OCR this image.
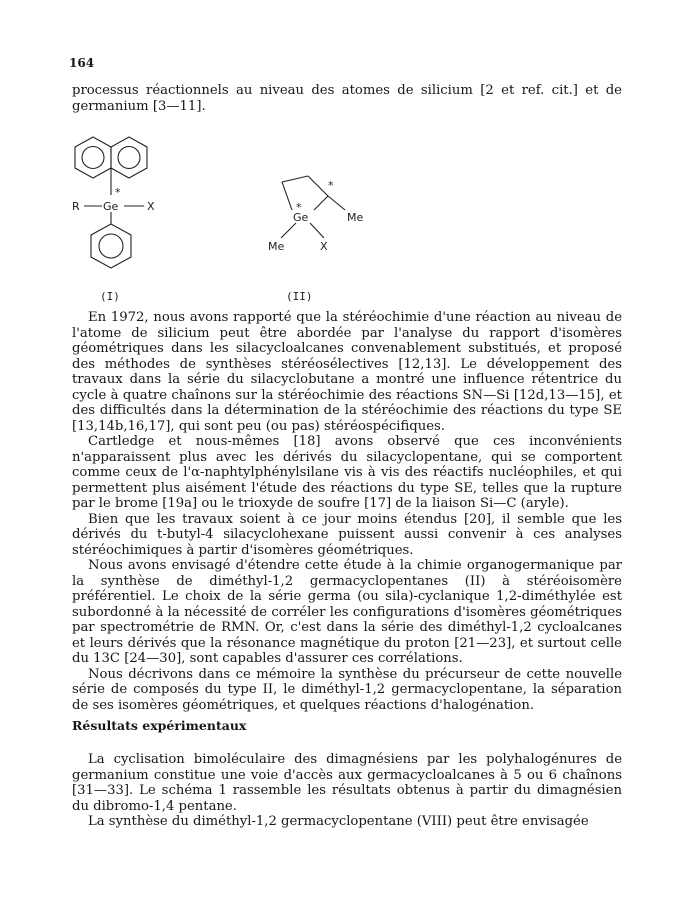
164

processus réactionnels au niveau des atomes de silicium [2 et ref. cit.] et de germanium [3—11].

R Ge
*
X
(I)
*
*
Ge	Me
Me	X
(II)

En 1972, nous avons rapporté que la stéréochimie d'une réaction au niveau de l'atome de silicium peut être abordée par l'analyse du rapport d'isomères géométriques dans les silacycloalcanes convenablement substitués, et proposé des méthodes de synthèses stéréosélectives [12,13]. Le développement des travaux dans la série du silacyclobutane a montré une influence rétentrice du cycle à quatre chaînons sur la stéréochimie des réactions SN—Si [12d,13—15], et des difficultés dans la détermination de la stéréochimie des réactions du type SE [13,14b,16,17], qui sont peu (ou pas) stéréospécifiques.

Cartledge et nous-mêmes [18] avons observé que ces inconvénients n'apparaissent plus avec les dérivés du silacyclopentane, qui se comportent comme ceux de l'α-naphtylphénylsilane vis à vis des réactifs nucléophiles, et qui permettent plus aisément l'étude des réactions du type SE, telles que la rupture par le brome [19a] ou le trioxyde de soufre [17] de la liaison Si—C (aryle).

Bien que les travaux soient à ce jour moins étendus [20], il semble que les dérivés du t-butyl-4 silacyclohexane puissent aussi convenir à ces analyses stéréochimiques à partir d'isomères géométriques.

Nous avons envisagé d'étendre cette étude à la chimie organogermanique par la synthèse de diméthyl-1,2 germacyclopentanes (II) à stéréoisomère préférentiel. Le choix de la série germa (ou sila)-cyclanique 1,2-diméthylée est subordonné à la nécessité de corréler les configurations d'isomères géométriques par spectrométrie de RMN. Or, c'est dans la série des diméthyl-1,2 cycloalcanes et leurs dérivés que la résonance magnétique du proton [21—23], et surtout celle du 13C [24—30], sont capables d'assurer ces corrélations.

Nous décrivons dans ce mémoire la synthèse du précurseur de cette nouvelle série de composés du type II, le diméthyl-1,2 germacyclopentane, la séparation de ses isomères géométriques, et quelques réactions d'halogénation.

Résultats expérimentaux

La cyclisation bimoléculaire des dimagnésiens par les polyhalogénures de germanium constitue une voie d'accès aux germacycloalcanes à 5 ou 6 chaînons [31—33]. Le schéma 1 rassemble les résultats obtenus à partir du dimagnésien du dibromo-1,4 pentane.

La synthèse du diméthyl-1,2 germacyclopentane (VIII) peut être envisagée
